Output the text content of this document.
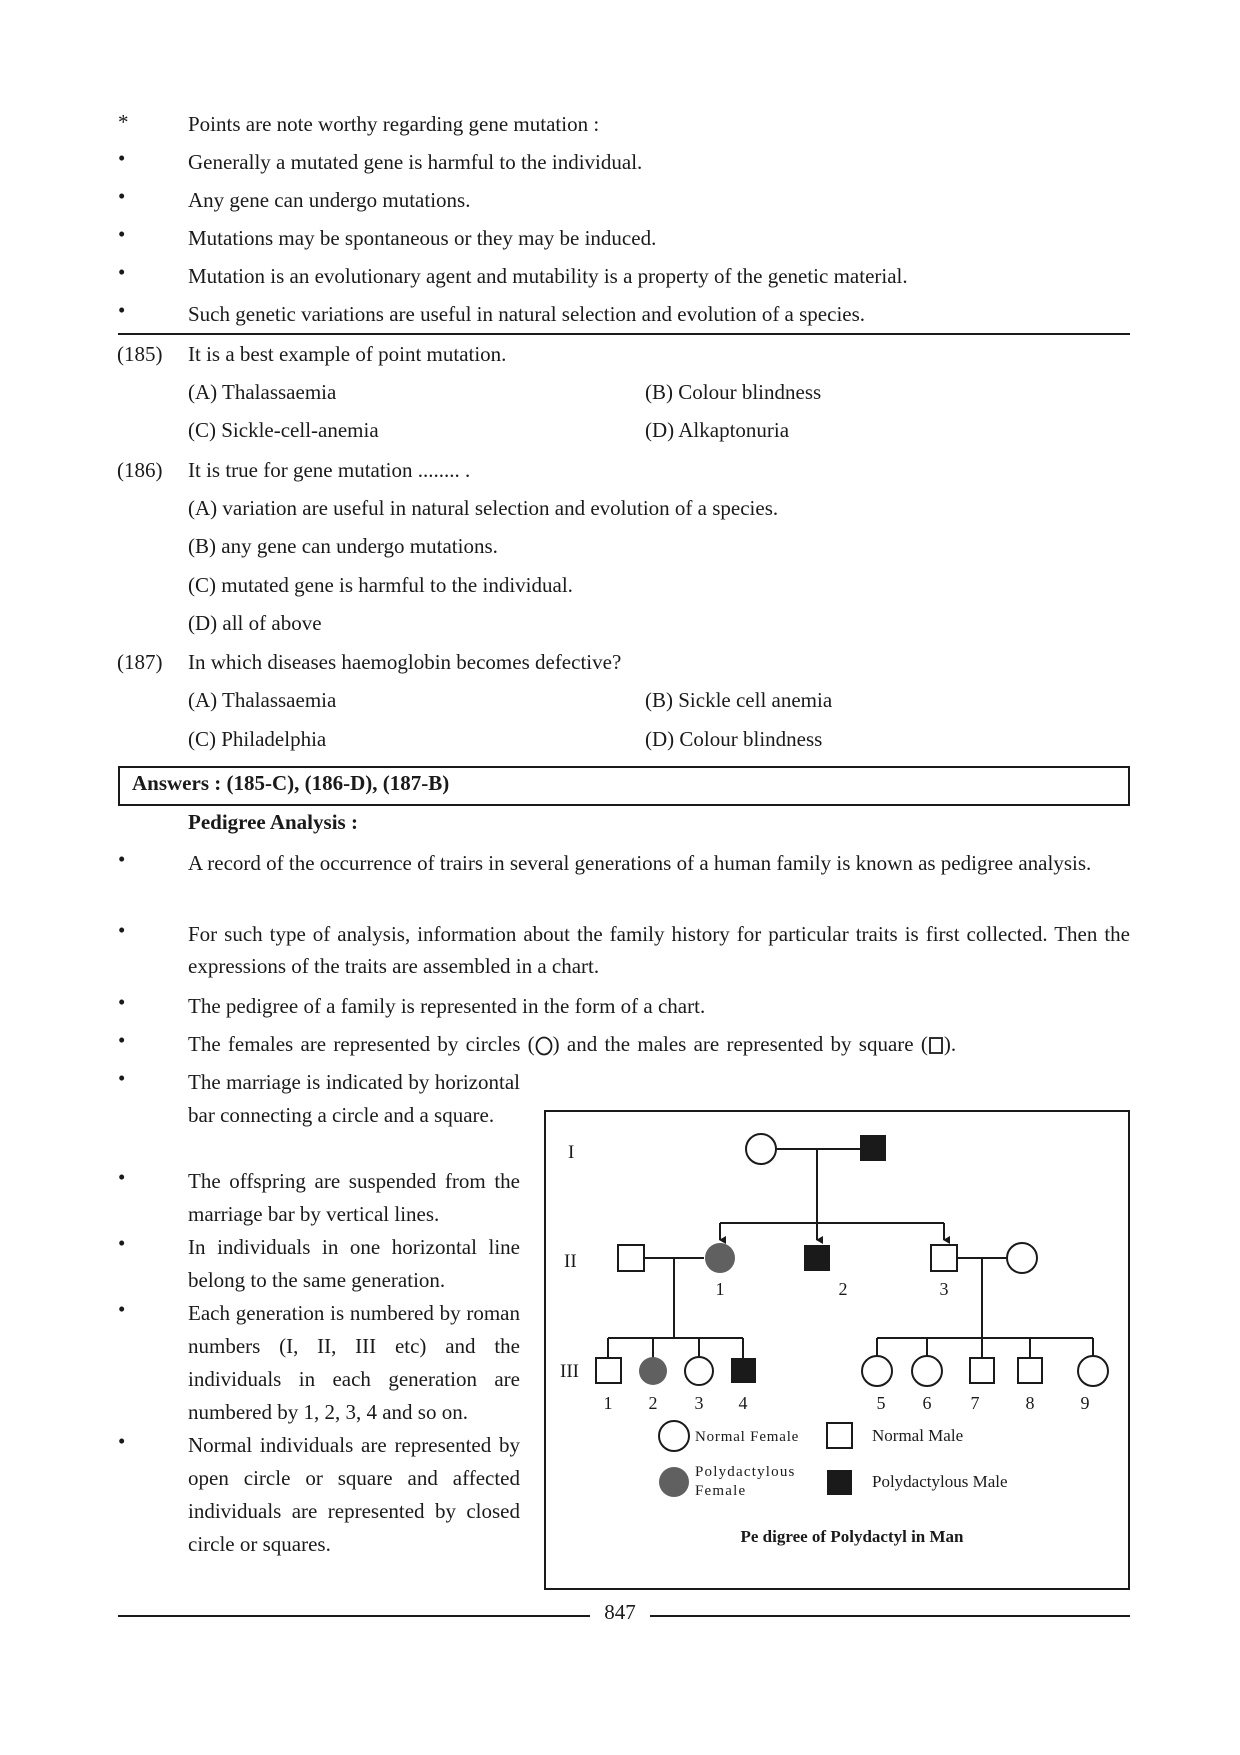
*	Points are note worthy regarding gene mutation :
•	Generally a mutated gene is harmful to the individual.
•	Any gene can undergo mutations.
•	Mutations may be spontaneous or they may be induced.
•	Mutation is an evolutionary agent and mutability is a property of the genetic material.
•	Such genetic variations are useful in natural selection and evolution of a species.
(185) It is a best example of point mutation.
(A) Thalassaemia	(B) Colour blindness
(C) Sickle-cell-anemia	(D) Alkaptonuria
(186) It is true for gene mutation ........ .
(A) variation are useful in natural selection and evolution of a species.
(B) any gene can undergo mutations.
(C) mutated gene is harmful to the individual.
(D) all of above
(187) In which diseases haemoglobin becomes defective?
(A) Thalassaemia	(B) Sickle cell anemia
(C) Philadelphia	(D) Colour blindness
Answers : (185-C), (186-D), (187-B)
Pedigree Analysis :
•	A record of the occurrence of trairs in several generations of a human family is known as pedigree analysis.
•	For such type of analysis, information about the family history for particular traits is first collected. Then the expressions of the traits are assembled in a chart.
•	The pedigree of a family is represented in the form of a chart.
•	The females are represented by circles ( ) and the males are represented by square ( ).
•	The marriage is indicated by horizontal bar connecting a circle and a square.
•	The offspring are suspended from the marriage bar by vertical lines.
•	In individuals in one horizontal line belong to the same generation.
•	Each generation is numbered by roman numbers (I, II, III etc) and the individuals in each generation are numbered by 1, 2, 3, 4 and so on.
•	Normal individuals are represented by open circle or square and affected individuals are represented by closed circle or squares.
I
II
III
1	2	3
1 2 3 4	5 6 7	8	9
Normal Female	Normal Male
Polydactylous
Female	Polydactylous Male
Pe digree of Polydactyl in Man
847
